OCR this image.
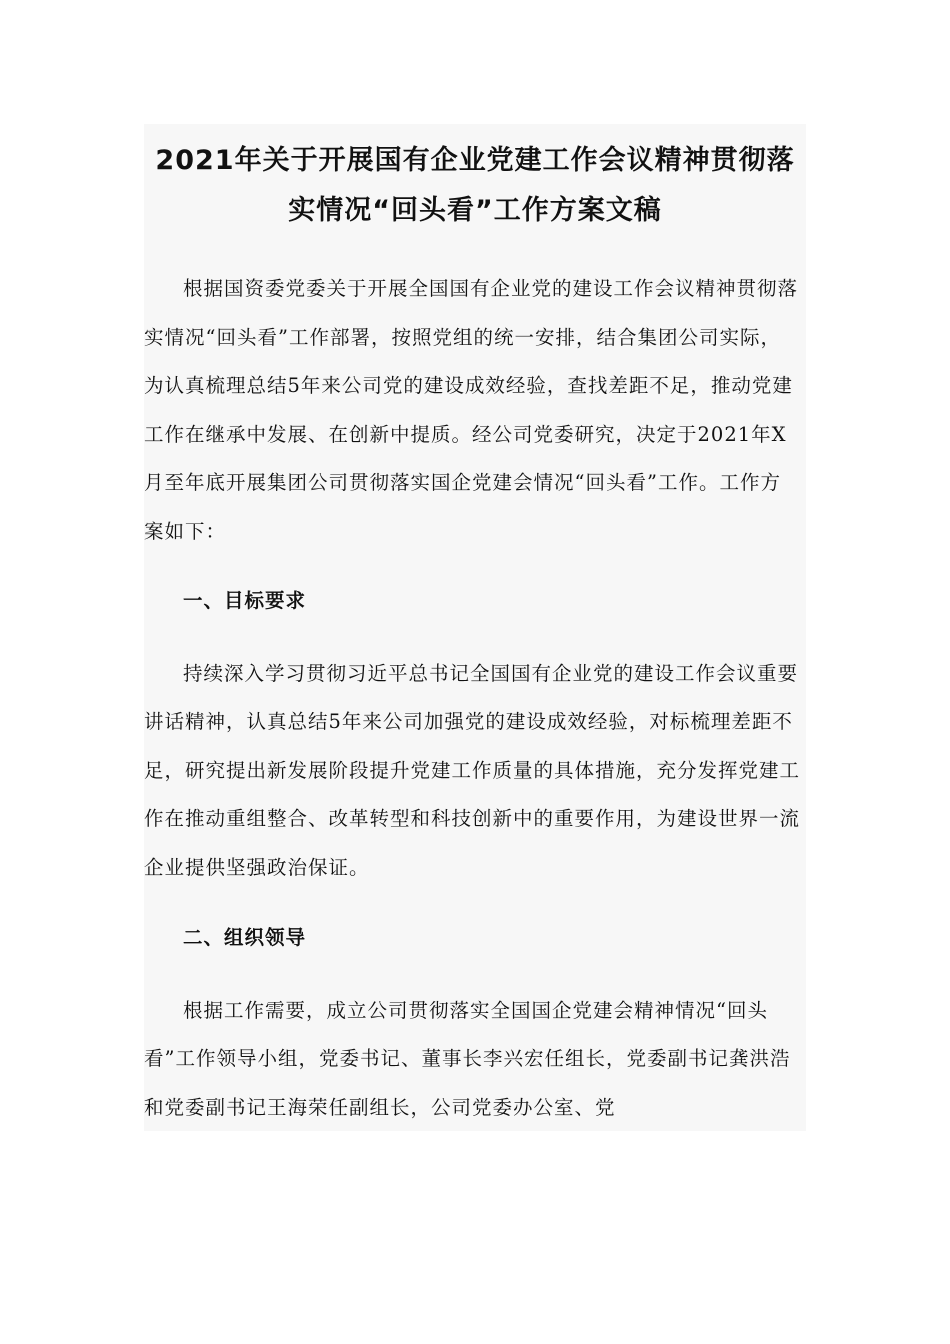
2021年关于开展国有企业党建工作会议精神贯彻落
实情况“回头看”工作方案文稿

根据国资委党委关于开展全国国有企业党的建设工作会议精神贯彻落实情况“回头看”工作部署，按照党组的统一安排，结合集团公司实际，为认真梳理总结5年来公司党的建设成效经验，查找差距不足，推动党建工作在继承中发展、在创新中提质。经公司党委研究，决定于2021年X月至年底开展集团公司贯彻落实国企党建会情况“回头看”工作。工作方案如下：

一、目标要求

持续深入学习贯彻习近平总书记全国国有企业党的建设工作会议重要讲话精神，认真总结5年来公司加强党的建设成效经验，对标梳理差距不足，研究提出新发展阶段提升党建工作质量的具体措施，充分发挥党建工作在推动重组整合、改革转型和科技创新中的重要作用，为建设世界一流企业提供坚强政治保证。

二、组织领导

根据工作需要，成立公司贯彻落实全国国企党建会精神情况“回头看”工作领导小组，党委书记、董事长李兴宏任组长，党委副书记龚洪浩和党委副书记王海荣任副组长，公司党委办公室、党
